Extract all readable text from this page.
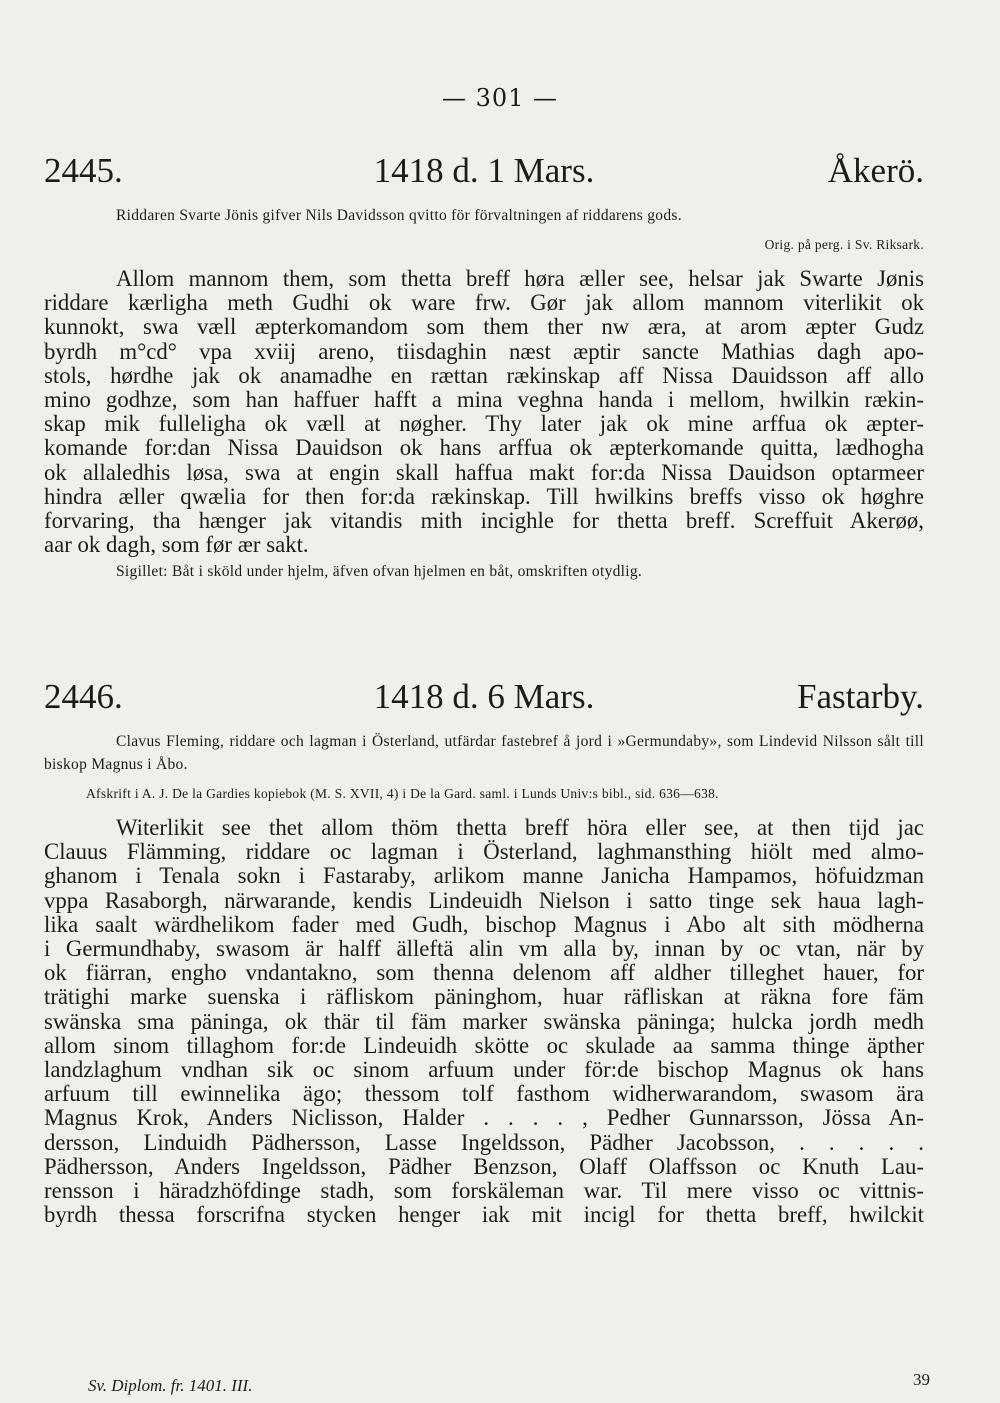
— 301 —
2445.	1418 d. 1 Mars.	Åkerö.
Riddaren Svarte Jönis gifver Nils Davidsson qvitto för förvaltningen af riddarens gods.
Orig. på perg. i Sv. Riksark.
Allom mannom them, som thetta breff høra æller see, helsar jak Swarte Jønis
riddare kærligha meth Gudhi ok ware frw. Gør jak allom mannom viterlikit ok
kunnokt, swa væll æpterkomandom som them ther nw æra, at arom æpter Gudz
byrdh m°cd° vpa xviij areno, tiisdaghin næst æptir sancte Mathias dagh apo-
stols, hørdhe jak ok anamadhe en rættan rækinskap aff Nissa Dauidsson aff allo
mino godhze, som han haffuer hafft a mina veghna handa i mellom, hwilkin rækin-
skap mik fulleligha ok væll at nøgher. Thy later jak ok mine arffua ok æpter-
komande for:dan Nissa Dauidson ok hans arffua ok æpterkomande quitta, lædhogha
ok allaledhis løsa, swa at engin skall haffua makt for:da Nissa Dauidson optarmeer
hindra æller qwælia for then for:da rækinskap. Till hwilkins breffs visso ok høghre
forvaring, tha hænger jak vitandis mith incighle for thetta breff. Screffuit Akerøø,
aar ok dagh, som før ær sakt.
Sigillet: Båt i sköld under hjelm, äfven ofvan hjelmen en båt, omskriften otydlig.
2446.	1418 d. 6 Mars.	Fastarby.
Clavus Fleming, riddare och lagman i Österland, utfärdar fastebref å jord i »Germundaby», som Lindevid Nilsson sålt till biskop Magnus i Åbo.
Afskrift i A. J. De la Gardies kopiebok (M. S. XVII, 4) i De la Gard. saml. i Lunds Univ:s bibl., sid. 636—638.
Witerlikit see thet allom thöm thetta breff höra eller see, at then tijd jac
Clauus Flämming, riddare oc lagman i Österland, laghmansthing hiölt med almo-
ghanom i Tenala sokn i Fastaraby, arlikom manne Janicha Hampamos, höfuidzman
vppa Rasaborgh, närwarande, kendis Lindeuidh Nielson i satto tinge sek haua lagh-
lika saalt wärdhelikom fader med Gudh, bischop Magnus i Abo alt sith mödherna
i Germundhaby, swasom är halff älleftä alin vm alla by, innan by oc vtan, när by
ok fiärran, engho vndantakno, som thenna delenom aff aldher tilleghet hauer, for
trätighi marke suenska i räfliskom päninghom, huar räfliskan at räkna fore fäm
swänska sma päninga, ok thär til fäm marker swänska päninga; hulcka jordh medh
allom sinom tillaghom for:de Lindeuidh skötte oc skulade aa samma thinge äpther
landzlaghum vndhan sik oc sinom arfuum under för:de bischop Magnus ok hans
arfuum till ewinnelika ägo; thessom tolf fasthom widherwarandom, swasom ära
Magnus Krok, Anders Niclisson, Halder . . . . , Pedher Gunnarsson, Jössa An-
dersson, Linduidh Pädhersson, Lasse Ingeldsson, Pädher Jacobsson, . . . . .
Pädhersson, Anders Ingeldsson, Pädher Benzson, Olaff Olaffsson oc Knuth Lau-
rensson i häradzhöfdinge stadh, som forskäleman war. Til mere visso oc vittnis-
byrdh thessa forscrifna stycken henger iak mit incigl for thetta breff, hwilckit
Sv. Diplom. fr. 1401. III.	39
